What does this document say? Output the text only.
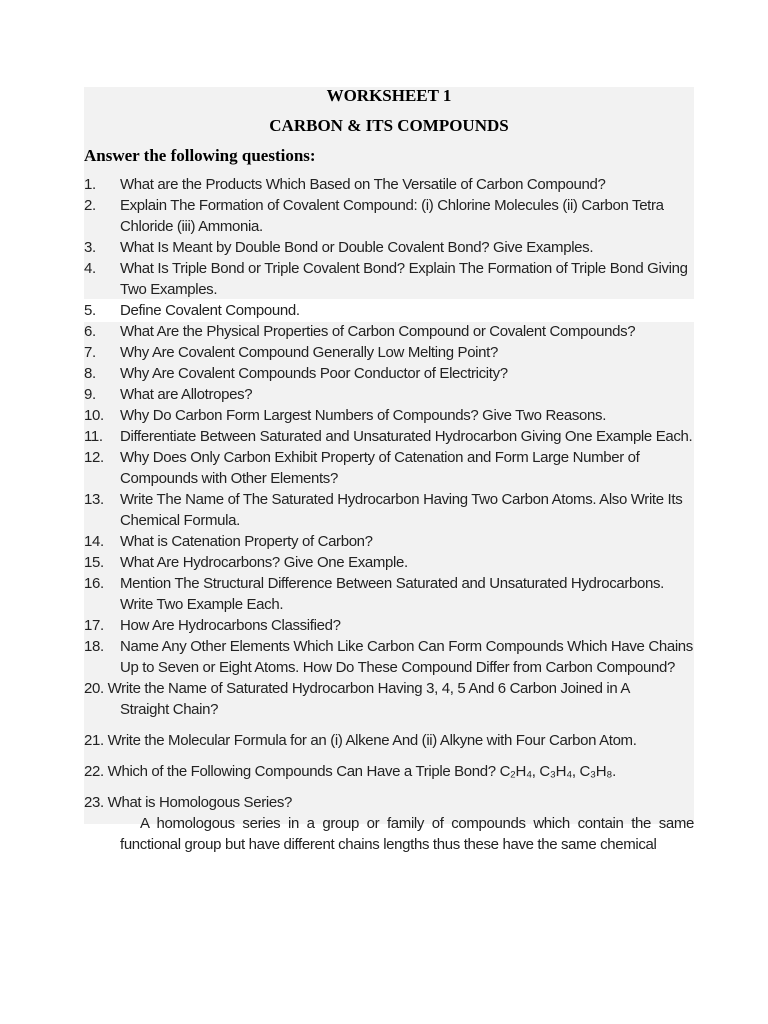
WORKSHEET 1
CARBON & ITS COMPOUNDS

Answer the following questions:

1.	What are the Products Which Based on The Versatile of Carbon Compound?
2.	Explain The Formation of Covalent Compound: (i) Chlorine Molecules (ii) Carbon Tetra Chloride (iii) Ammonia.
3.	What Is Meant by Double Bond or Double Covalent Bond? Give Examples.
4.	What Is Triple Bond or Triple Covalent Bond? Explain The Formation of Triple Bond Giving Two Examples.
5.	Define Covalent Compound.
6.	What Are the Physical Properties of Carbon Compound or Covalent Compounds?
7.	Why Are Covalent Compound Generally Low Melting Point?
8.	Why Are Covalent Compounds Poor Conductor of Electricity?
9.	What are Allotropes?
10.	Why Do Carbon Form Largest Numbers of Compounds? Give Two Reasons.
11.	Differentiate Between Saturated and Unsaturated Hydrocarbon Giving One Example Each.
12.	Why Does Only Carbon Exhibit Property of Catenation and Form Large Number of Compounds with Other Elements?
13.	Write The Name of The Saturated Hydrocarbon Having Two Carbon Atoms. Also Write Its Chemical Formula.
14.	What is Catenation Property of Carbon?
15.	What Are Hydrocarbons? Give One Example.
16.	Mention The Structural Difference Between Saturated and Unsaturated Hydrocarbons. Write Two Example Each.
17.	How Are Hydrocarbons Classified?
18.	Name Any Other Elements Which Like Carbon Can Form Compounds Which Have Chains Up to Seven or Eight Atoms. How Do These Compound Differ from Carbon Compound?
20. Write the Name of Saturated Hydrocarbon Having 3, 4, 5 And 6 Carbon Joined in A
Straight Chain?
21. Write the Molecular Formula for an (i) Alkene And (ii) Alkyne with Four Carbon Atom.
22. Which of the Following Compounds Can Have a Triple Bond? C₂H₄, C₃H₄, C₃H₈.
23. What is Homologous Series?

A homologous series in a group or family of compounds which contain the same functional group but have different chains lengths thus these have the same chemical
